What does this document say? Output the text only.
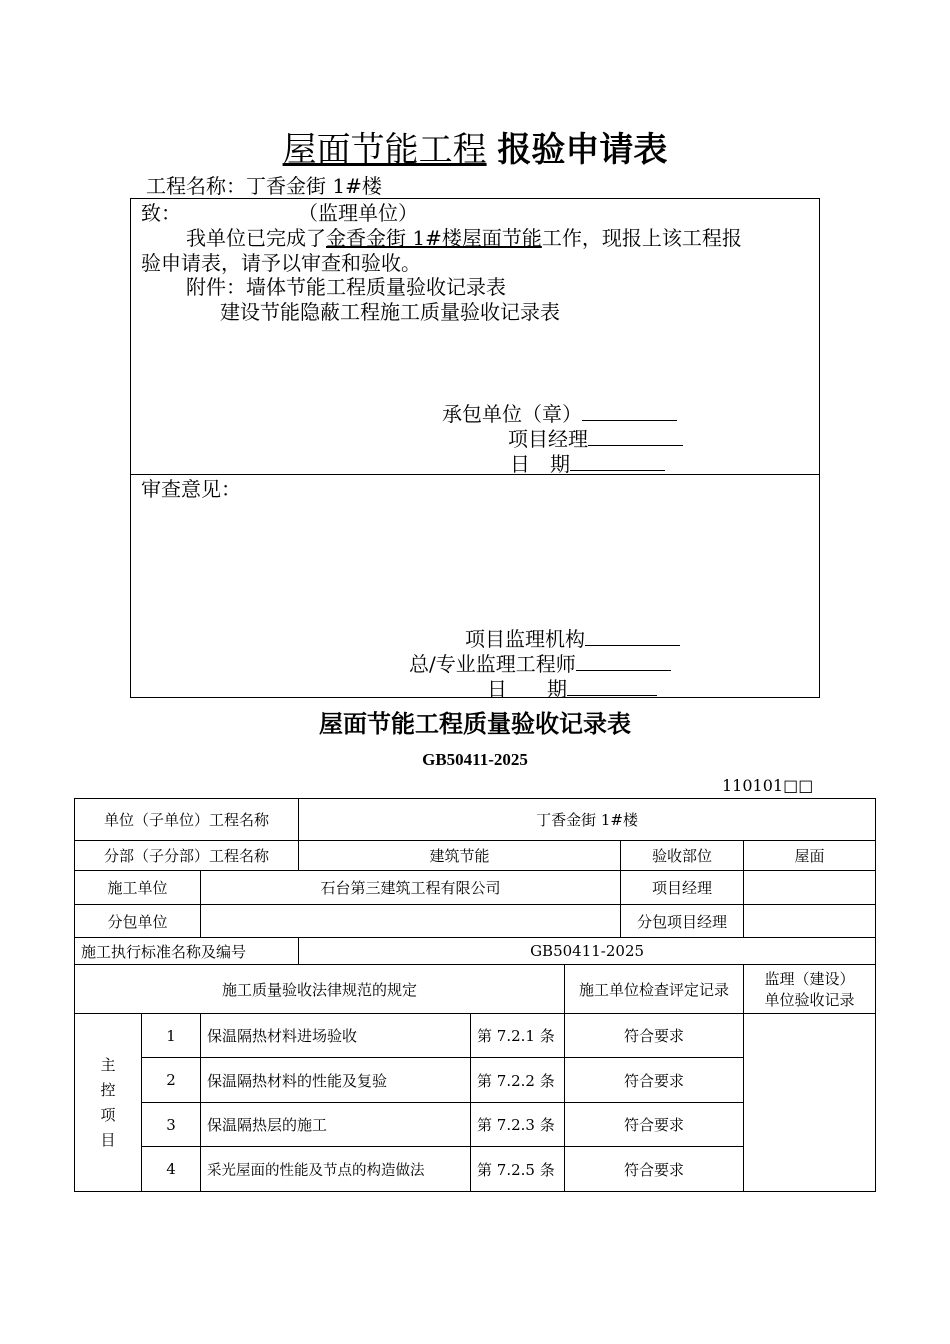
屋面节能工程 报验申请表
工程名称：丁香金街 1#楼
致：	（监理单位）
我单位已完成了金香金街 1#楼屋面节能工作，现报上该工程报
验申请表，请予以审查和验收。
附件：墙体节能工程质量验收记录表
建设节能隐蔽工程施工质量验收记录表
承包单位（章）
项目经理
日　期
审查意见：
项目监理机构
总/专业监理工程师
日　　期
屋面节能工程质量验收记录表
GB50411-2025
110101□□
单位（子单位）工程名称			丁香金街 1#楼				
分部（子分部）工程名称			建筑节能			验收部位	屋面
施工单位		石台第三建筑工程有限公司				项目经理	
分包单位						分包项目经理	
施工执行标准名称及编号			GB50411-2025				
施工质量验收法律规范的规定					施工单位检查评定记录		监理（建设）
单位验收记录

主
控
项
目	1	保温隔热材料进场验收		第 7.2.1 条	符合要求		
	2	保温隔热材料的性能及复验		第 7.2.2 条	符合要求		
	3	保温隔热层的施工		第 7.2.3 条	符合要求		
	4	采光屋面的性能及节点的构造做法		第 7.2.5 条	符合要求		
